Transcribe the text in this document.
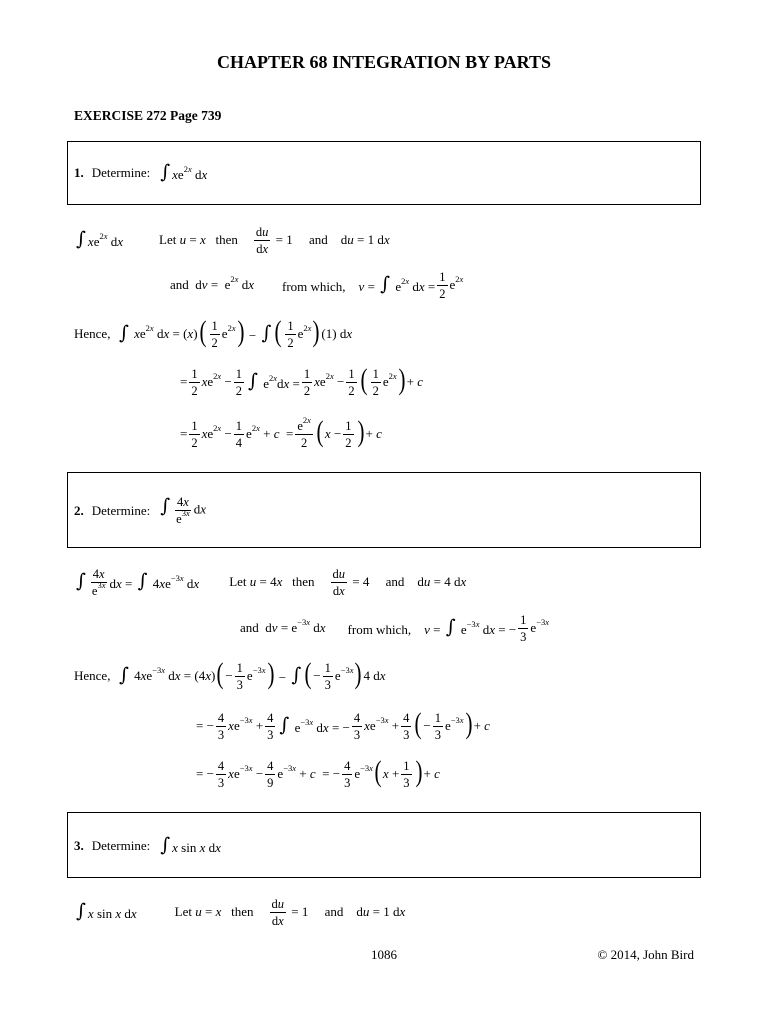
CHAPTER 68 INTEGRATION BY PARTS
EXERCISE 272 Page 739
1. Determine: ∫ $xe^{2x}$ dx
∫ $xe^{2x}$ dx	Let u = x   then $\frac{du}{dx} = 1$     and    du = 1 dx
and  dv =  $e^{2x}$ dx from which,    v = ∫ $e^{2x}$ dx = $\frac{1}{2} e^{2x}$
Hence, ∫ $xe^{2x}$ dx = (x) ( $\frac{1}{2} e^{2x}$ ) − ∫ ( $\frac{1}{2} e^{2x}$ ) (1) dx
= $\frac{1}{2} xe^{2x} - \frac{1}{2}$ ∫ $e^{2x}dx = \frac{1}{2} xe^{2x} - \frac{1}{2}$ ( $\frac{1}{2} e^{2x}$ ) + c
= $\frac{1}{2} xe^{2x} - \frac{1}{4} e^{2x} + c = \frac{e^{2x}}{2}$ ( $x - \frac{1}{2}$ ) + c
2. Determine: ∫ $\frac{4x}{e^{3x}}$ dx
∫ $\frac{4x}{e^{3x}}$ dx = ∫ $4xe^{-3x}$ dx Let u = 4x   then $\frac{du}{dx} = 4$     and    du = 4 dx
and  dv = $e^{-3x}$ dx from which,    v = ∫ $e^{-3x}$ dx = − $\frac{1}{3} e^{-3x}$
Hence, ∫ $4xe^{-3x}$ dx = (4x) ( − $\frac{1}{3} e^{-3x}$ ) − ∫ ( − $\frac{1}{3} e^{-3x}$ ) 4 dx
= − $\frac{4}{3} xe^{-3x} + \frac{4}{3}$ ∫ $e^{-3x}$ dx = − $\frac{4}{3} xe^{-3x} + \frac{4}{3}$ ( − $\frac{1}{3} e^{-3x}$ ) + c
= − $\frac{4}{3} xe^{-3x} - \frac{4}{9} e^{-3x} + c$  = − $\frac{4}{3} e^{-3x}$ ( $x + \frac{1}{3}$ ) + c
3. Determine: ∫ x sin x dx
∫ x sin x dx	Let u = x   then $\frac{du}{dx} = 1$     and    du = 1 dx
1086	© 2014, John Bird
